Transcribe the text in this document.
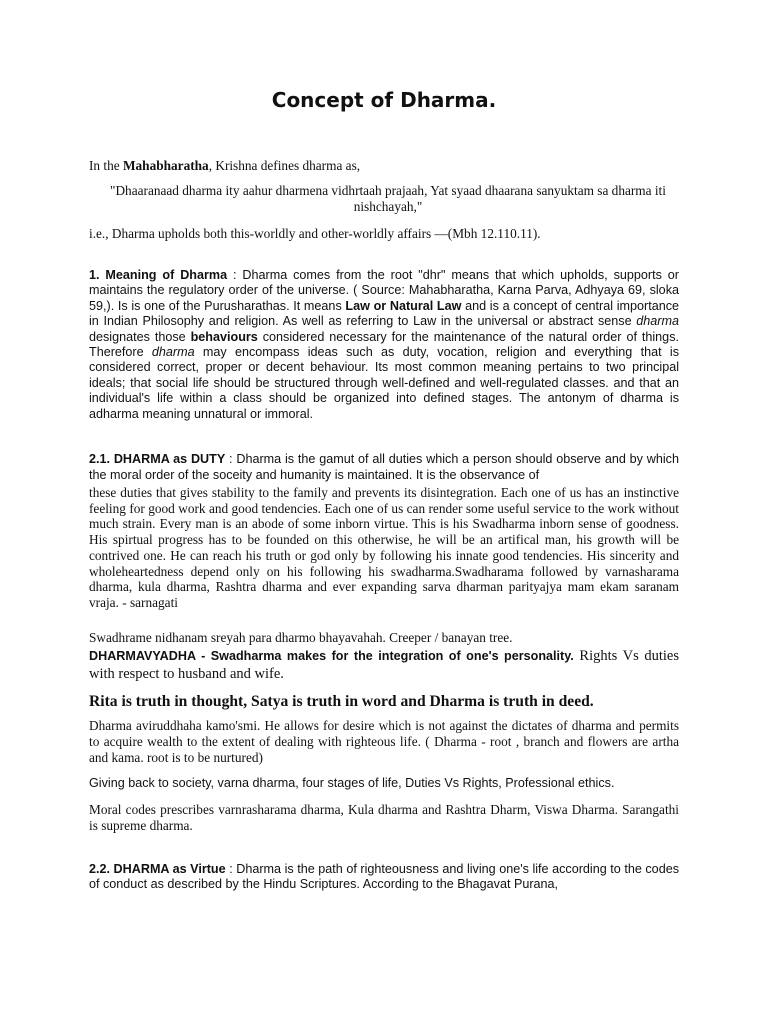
Concept of Dharma.

In the Mahabharatha, Krishna defines dharma as,

"Dhaaranaad dharma ity aahur dharmena vidhrtaah prajaah, Yat syaad dhaarana sanyuktam sa dharma iti nishchayah,"

i.e., Dharma upholds both this-worldly and other-worldly affairs —(Mbh 12.110.11).

1. Meaning of Dharma : Dharma comes from the root "dhr" means that which upholds, supports or maintains the regulatory order of the universe. ( Source: Mahabharatha, Karna Parva, Adhyaya 69, sloka 59,). Is is one of the Purusharathas. It means Law or Natural Law and is a concept of central importance in Indian Philosophy and religion. As well as referring to Law in the universal or abstract sense dharma designates those behaviours considered necessary for the maintenance of the natural order of things. Therefore dharma may encompass ideas such as duty, vocation, religion and everything that is considered correct, proper or decent behaviour. Its most common meaning pertains to two principal ideals; that social life should be structured through well-defined and well-regulated classes. and that an individual's life within a class should be organized into defined stages. The antonym of dharma is adharma meaning unnatural or immoral.

2.1. DHARMA as DUTY : Dharma is the gamut of all duties which a person should observe and by which the moral order of the soceity and humanity is maintained. It is the observance of

these duties that gives stability to the family and prevents its disintegration. Each one of us has an instinctive feeling for good work and good tendencies. Each one of us can render some useful service to the work without much strain. Every man is an abode of some inborn virtue. This is his Swadharma inborn sense of goodness. His spirtual progress has to be founded on this otherwise, he will be an artifical man, his growth will be contrived one. He can reach his truth or god only by following his innate good tendencies. His sincerity and wholeheartedness depend only on his following his swadharma.Swadharama followed by varnasharama dharma, kula dharma, Rashtra dharma and ever expanding sarva dharman parityajya mam ekam saranam vraja. - sarnagati

Swadhrame nidhanam sreyah para dharmo bhayavahah. Creeper / banayan tree.

DHARMAVYADHA - Swadharma makes for the integration of one's personality. Rights Vs duties with respect to husband and wife.

Rita is truth in thought, Satya is truth in word and Dharma is truth in deed.

Dharma aviruddhaha kamo'smi. He allows for desire which is not against the dictates of dharma and permits to acquire wealth to the extent of dealing with righteous life. ( Dharma - root , branch and flowers are artha and kama. root is to be nurtured)

Giving back to society, varna dharma, four stages of life, Duties Vs Rights, Professional ethics.

Moral codes prescribes varnrasharama dharma, Kula dharma and Rashtra Dharm, Viswa Dharma. Sarangathi is supreme dharma.

2.2. DHARMA as Virtue : Dharma is the path of righteousness and living one's life according to the codes of conduct as described by the Hindu Scriptures. According to the Bhagavat Purana,
